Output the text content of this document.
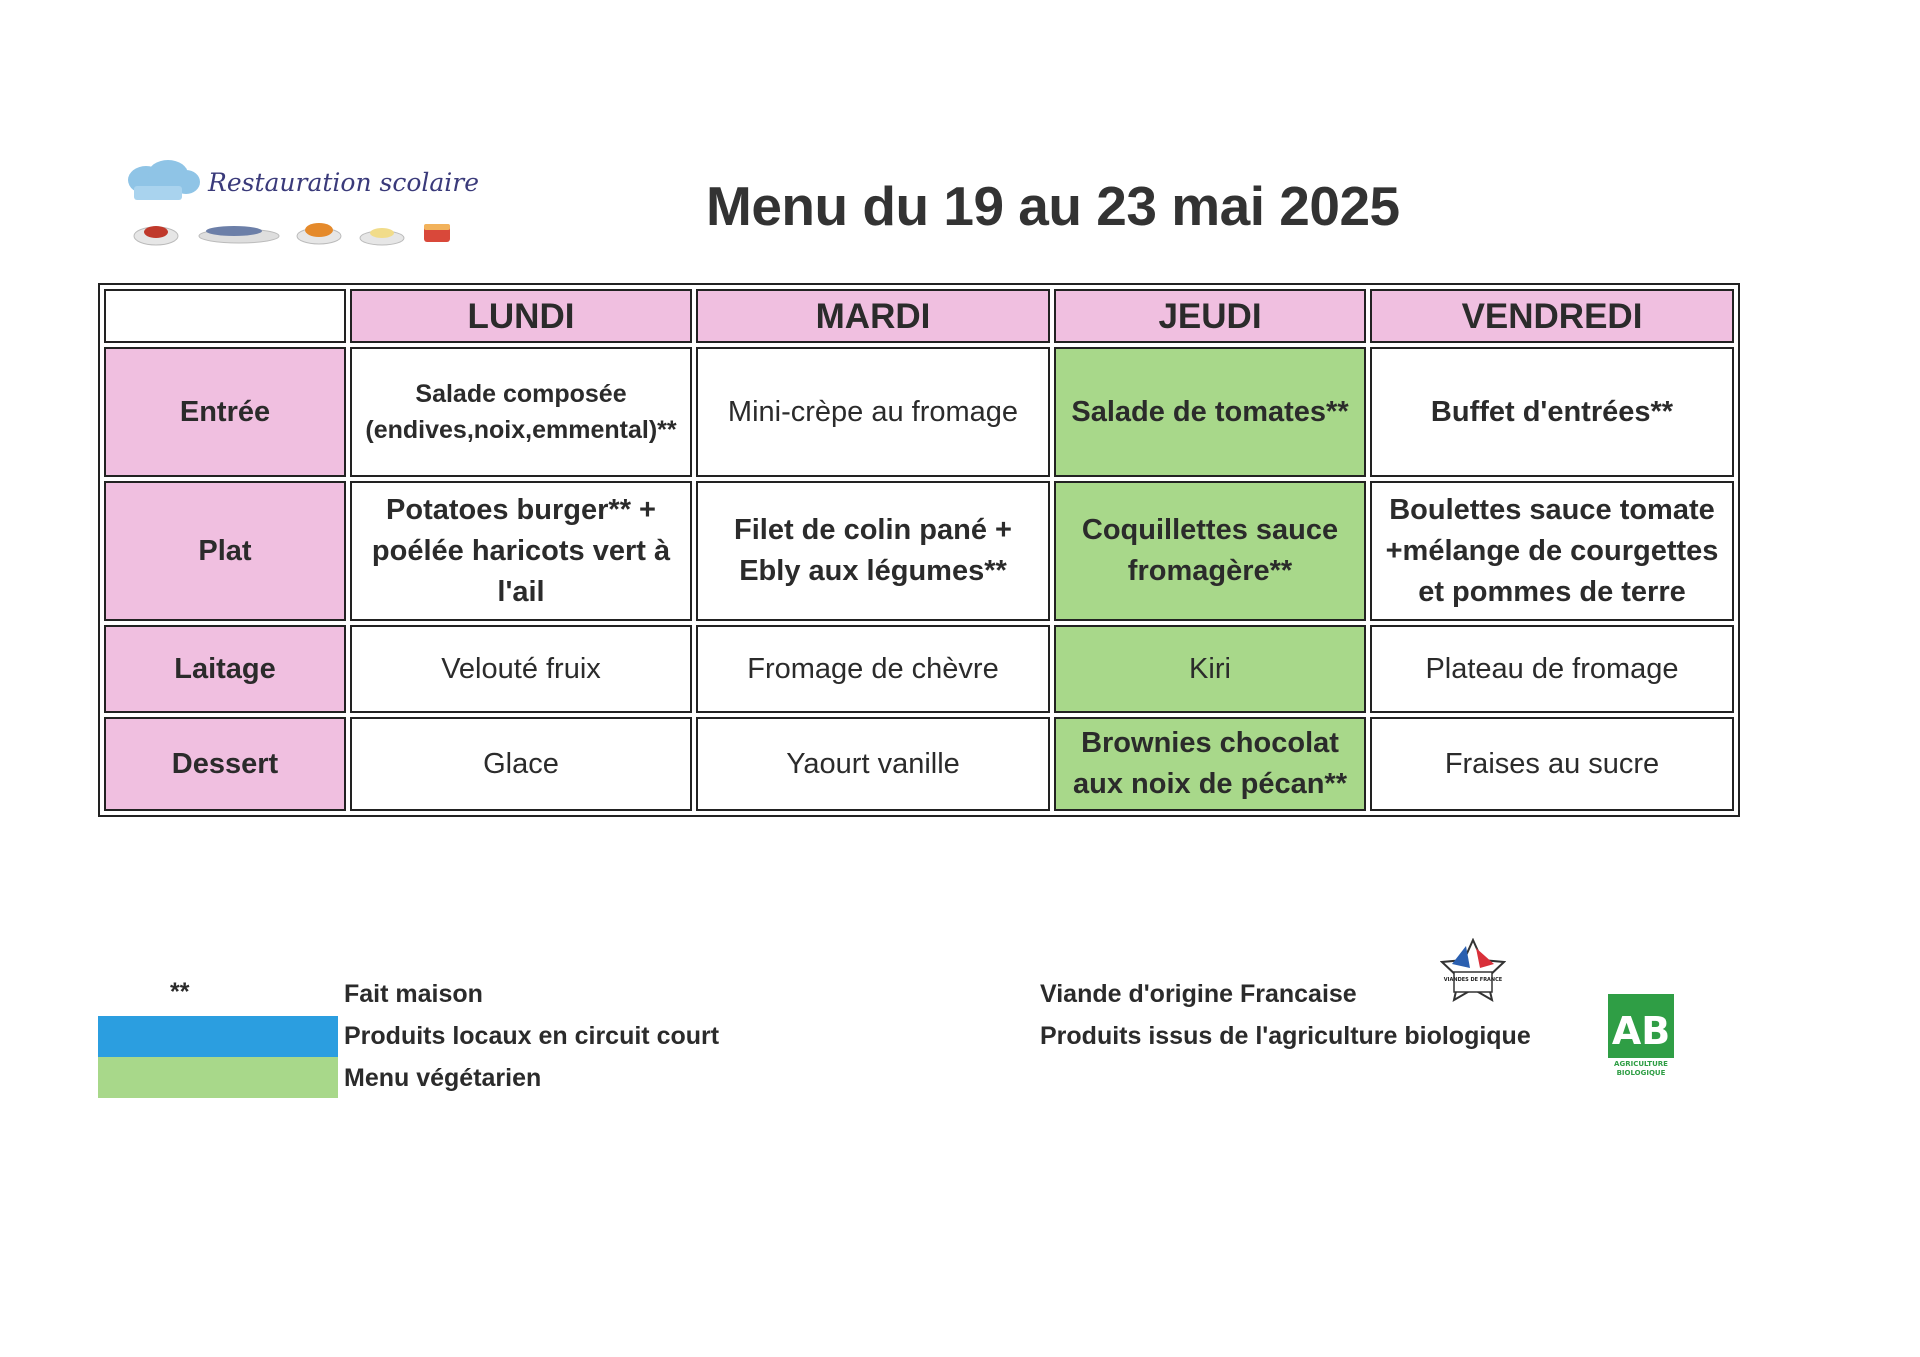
Restauration scolaire	Menu du 19 au 23 mai 2025
	LUNDI	MARDI	JEUDI	VENDREDI
Entrée	Salade composée (endives,noix,emmental)**	Mini-crèpe au fromage	Salade de tomates**	Buffet d'entrées**
Plat	Potatoes burger** + poélée haricots vert à l'ail	Filet de colin pané + Ebly aux légumes**	Coquillettes sauce fromagère**	Boulettes sauce tomate +mélange de courgettes et pommes de terre
Laitage	Velouté fruix	Fromage de chèvre	Kiri	Plateau de fromage
Dessert	Glace	Yaourt vanille	Brownies chocolat aux noix de pécan**	Fraises au sucre
**	Fait maison
Produits locaux en circuit court
Menu végétarien
Viande d'origine Francaise
Produits issus de l'agriculture biologique
VIANDES DE FRANCE
AB
AGRICULTURE
BIOLOGIQUE
